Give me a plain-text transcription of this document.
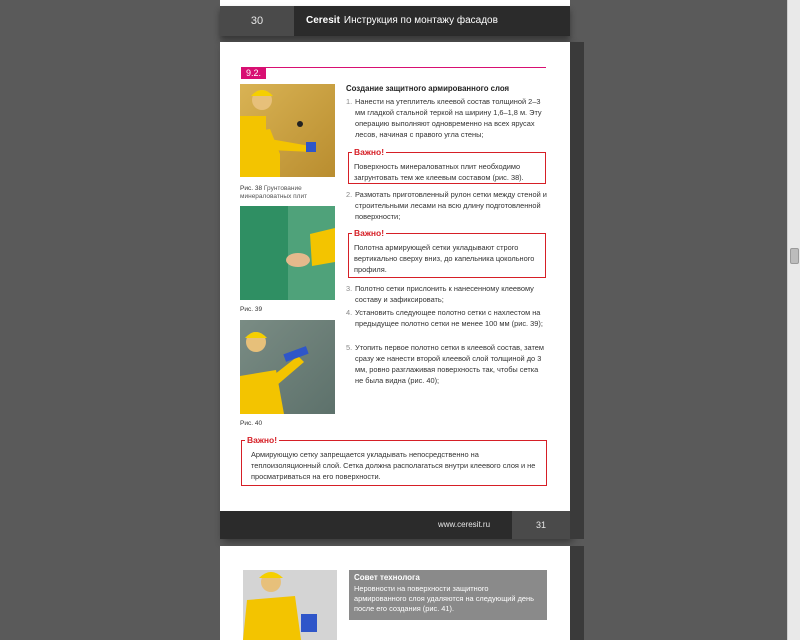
30	Ceresit Инструкция по монтажу фасадов
9.2.
Рис. 38 Грунтование минераловатных плит
Рис. 39
Рис. 40
Создание защитного армированного слоя
1. Нанести на утеплитель клеевой состав толщиной 2–3 мм гладкой стальной теркой на ширину 1,6–1,8 м. Эту операцию выполняют одновременно на всех ярусах лесов, начиная с правого угла стены;
Важно!
Поверхность минераловатных плит необходимо загрунтовать тем же клеевым составом (рис. 38).
2. Размотать приготовленный рулон сетки между стеной и строительными лесами на всю длину подготовленной поверхности;
Важно!
Полотна армирующей сетки укладывают строго вертикально сверху вниз, до капельника цокольного профиля.
3. Полотно сетки прислонить к нанесенному клеевому составу и зафиксировать;
4. Установить следующее полотно сетки с нахлестом на предыдущее полотно сетки не менее 100 мм (рис. 39);
5. Утопить первое полотно сетки в клеевой состав, затем сразу же нанести второй клеевой слой толщиной до 3 мм, ровно разглаживая поверхность так, чтобы сетка не была видна (рис. 40);
Важно!
Армирующую сетку запрещается укладывать непосредственно на теплоизоляционный слой. Сетка должна располагаться внутри клеевого слоя и не просматриваться на его поверхности.
www.ceresit.ru	31
Совет технолога
Неровности на поверхности защитного армированного слоя удаляются на следующий день после его создания (рис. 41).
